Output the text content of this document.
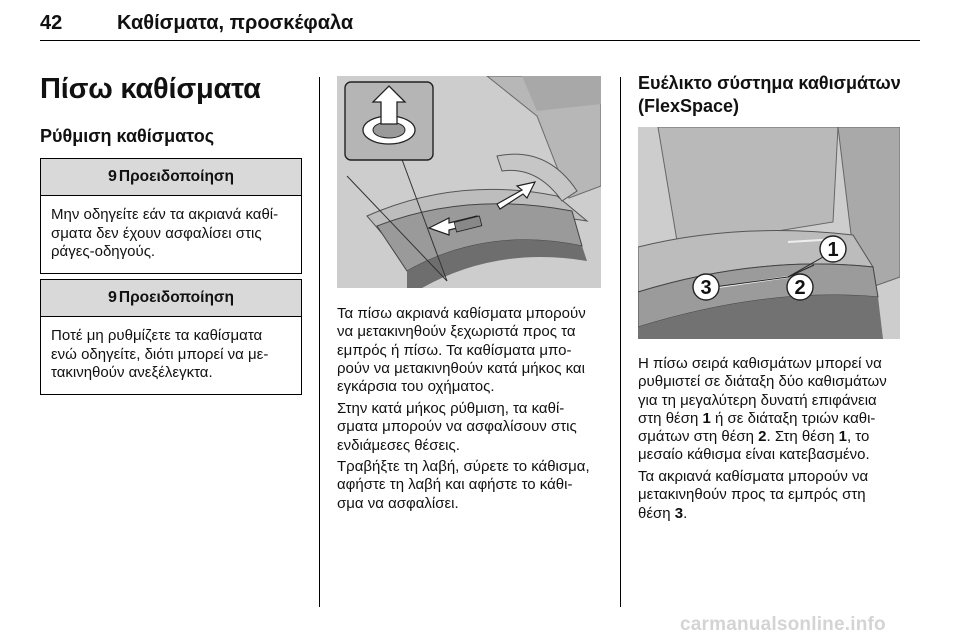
42	Καθίσματα, προσκέφαλα
Πίσω καθίσματα
Ρύθμιση καθίσματος
9 Προειδοποίηση
Μην οδηγείτε εάν τα ακριανά καθί-
σματα δεν έχουν ασφαλίσει στις
ράγες-οδηγούς.
9 Προειδοποίηση
Ποτέ μη ρυθμίζετε τα καθίσματα
ενώ οδηγείτε, διότι μπορεί να με-
τακινηθούν ανεξέλεγκτα.
Τα πίσω ακριανά καθίσματα μπορούν
να μετακινηθούν ξεχωριστά προς τα
εμπρός ή πίσω. Τα καθίσματα μπο-
ρούν να μετακινηθούν κατά μήκος και
εγκάρσια του οχήματος.
Στην κατά μήκος ρύθμιση, τα καθί-
σματα μπορούν να ασφαλίσουν στις
ενδιάμεσες θέσεις.
Τραβήξτε τη λαβή, σύρετε το κάθισμα,
αφήστε τη λαβή και αφήστε το κάθι-
σμα να ασφαλίσει.
Ευέλικτο σύστημα καθισμάτων
(FlexSpace)
1
2
3
Η πίσω σειρά καθισμάτων μπορεί να
ρυθμιστεί σε διάταξη δύο καθισμάτων
για τη μεγαλύτερη δυνατή επιφάνεια
στη θέση 1 ή σε διάταξη τριών καθι-
σμάτων στη θέση 2. Στη θέση 1, το
μεσαίο κάθισμα είναι κατεβασμένο.
Τα ακριανά καθίσματα μπορούν να
μετακινηθούν προς τα εμπρός στη
θέση 3.
carmanualsonline.info
